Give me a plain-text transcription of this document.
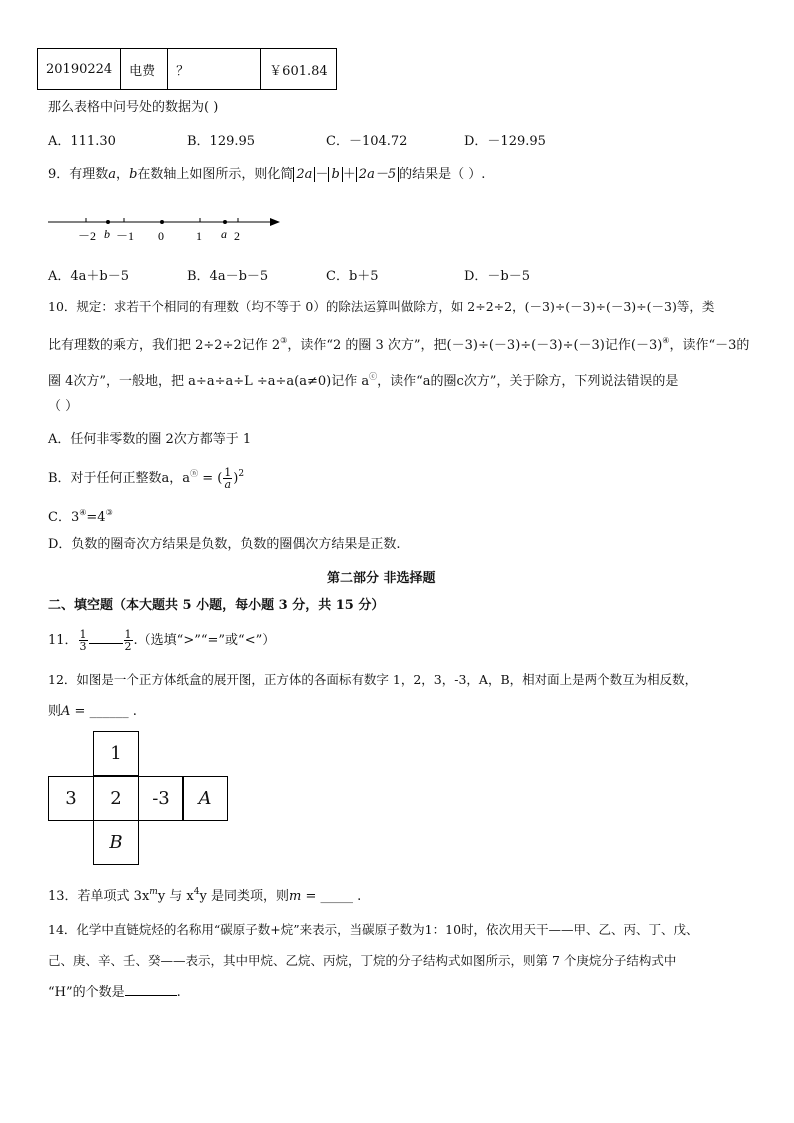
20190224	电费	？	￥601.84
那么表格中问号处的数据为( )
A．111.30	B．129.95	C．－104.72	D．－129.95
9．有理数a，b在数轴上如图所示，则化简 2a － b ＋ 2a－5 的结果是（ ）.
－2 b －1 0	1 a 2
A．4a＋b－5	B．4a－b－5	C．b＋5	D．－b－5
10．规定：求若干个相同的有理数（均不等于 0）的除法运算叫做除方，如 2÷2÷2，(－3)÷(－3)÷(－3)÷(－3)等，类
比有理数的乘方，我们把 2÷2÷2记作 2③，读作“2 的圈 3 次方”，把(－3)÷(－3)÷(－3)÷(－3)记作(－3)④，读作“－3的
圈 4次方”，一般地，把 a÷a÷a÷L ÷a÷a(a≠0)记作 aⓒ，读作“a的圈c次方”，关于除方，下列说法错误的是
（ ）
A．任何非零数的圈 2次方都等于 1
B．对于任何正整数a，aⓝ = ( $\frac{1}{a} )^2$
C．3④=4③
D．负数的圈奇次方结果是负数，负数的圈偶次方结果是正数.
第二部分 非选择题
二、填空题（本大题共 5 小题，每小题 3 分，共 15 分）
11． $\frac{1}{3}$	$\frac{1}{2}$ .（选填“>”“=”或“<”）
12．如图是一个正方体纸盒的展开图，正方体的各面标有数字 1，2，3，-3，A，B，相对面上是两个数互为相反数，
则A = ______ .
1
3	2	-3	A
B
13．若单项式 $3x^my$ 与 $x^4y$ 是同类项，则m = _____ .
14．化学中直链烷烃的名称用“碳原子数+烷”来表示，当碳原子数为1：10时，依次用天干——甲、乙、丙、丁、戊、
己、庚、辛、壬、癸——表示，其中甲烷、乙烷、丙烷，丁烷的分子结构式如图所示，则第 7 个庚烷分子结构式中
“H”的个数是	.
